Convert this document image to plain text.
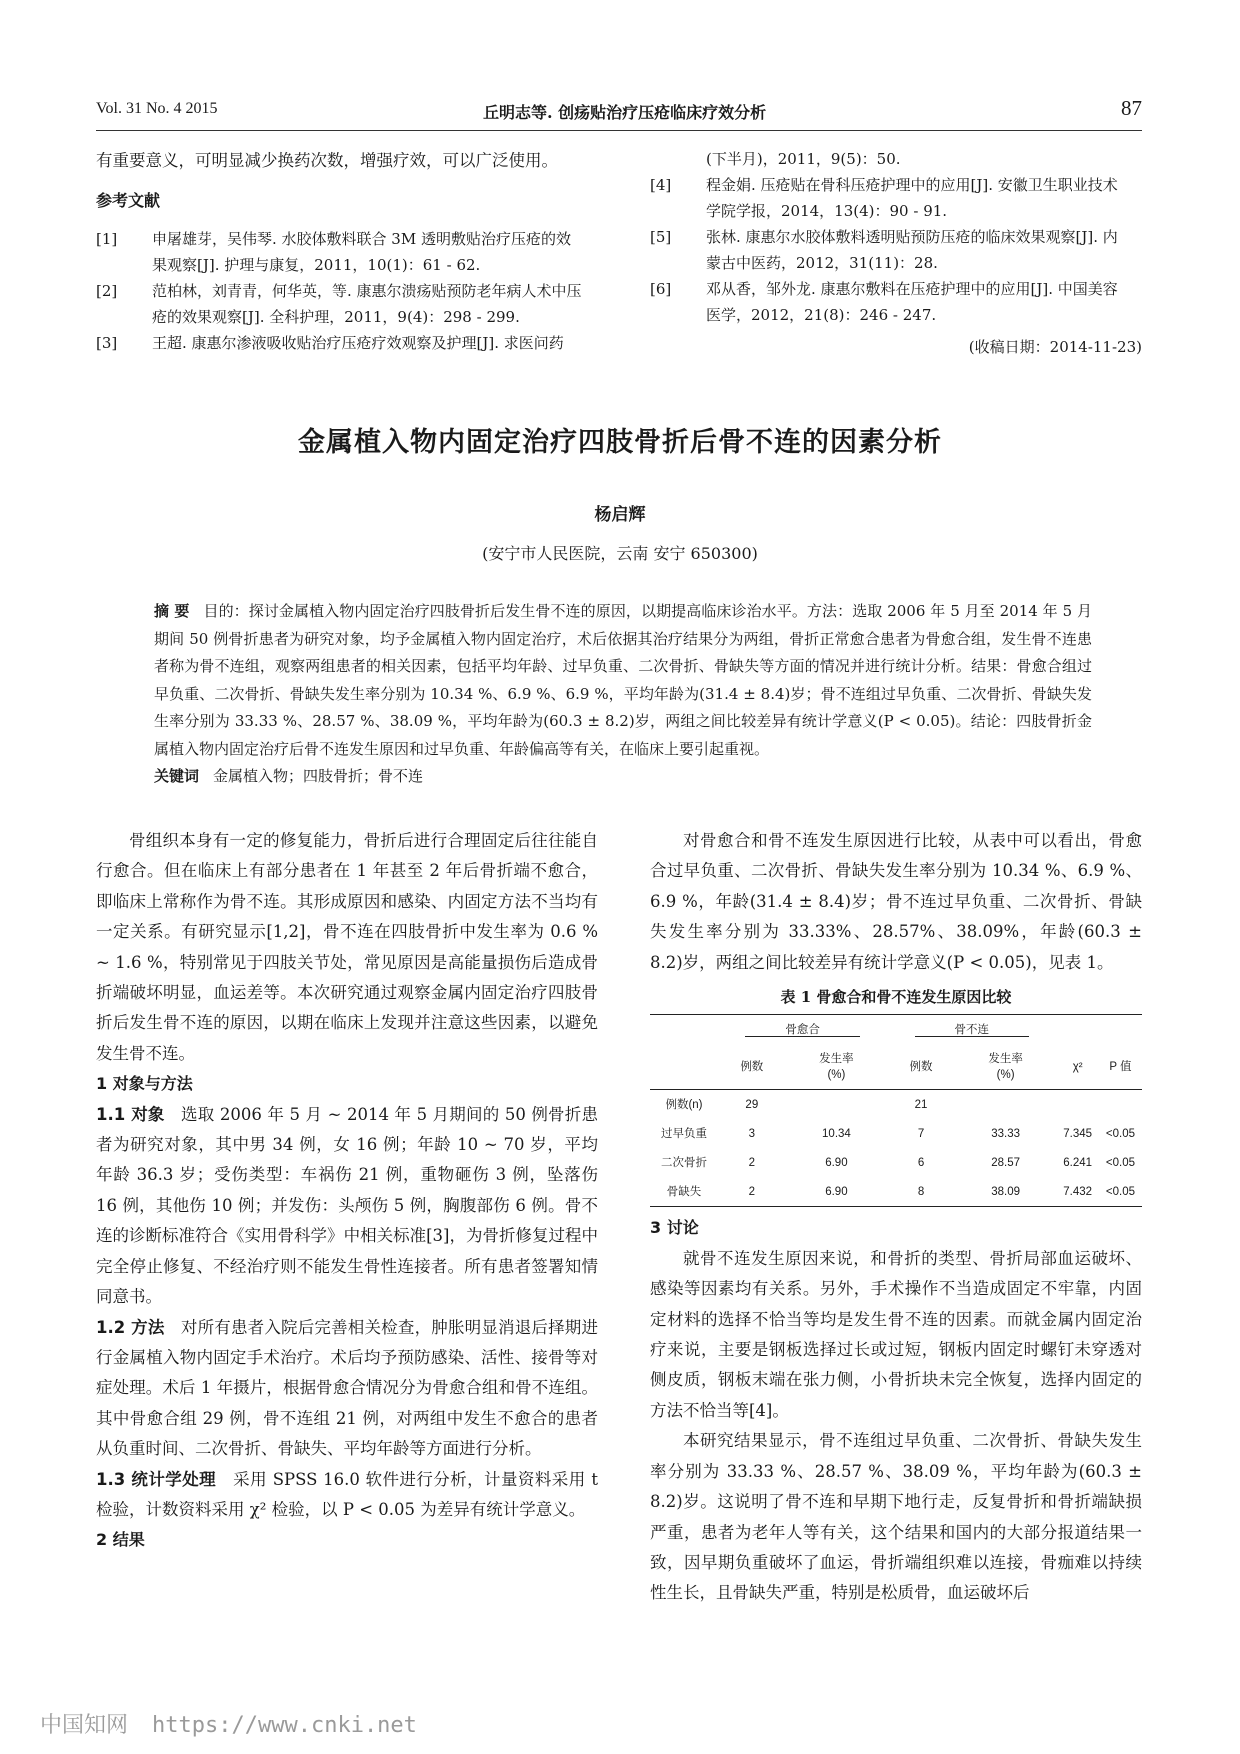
Vol. 31 No. 4 2015	丘明志等. 创疡贴治疗压疮临床疗效分析	87
有重要意义，可明显减少换药次数，增强疗效，可以广泛使用。
参考文献
[1] 申屠雄芽，吴伟琴. 水胶体敷料联合 3M 透明敷贴治疗压疮的效
果观察[J]. 护理与康复，2011，10(1)：61 - 62.
[2] 范柏林，刘青青，何华英，等. 康惠尔溃疡贴预防老年病人术中压
疮的效果观察[J]. 全科护理，2011，9(4)：298 - 299.
[3] 王超. 康惠尔渗液吸收贴治疗压疮疗效观察及护理[J]. 求医问药
(下半月)，2011，9(5)：50.
[4] 程金娟. 压疮贴在骨科压疮护理中的应用[J]. 安徽卫生职业技术
学院学报，2014，13(4)：90 - 91.
[5] 张林. 康惠尔水胶体敷料透明贴预防压疮的临床效果观察[J]. 内
蒙古中医药，2012，31(11)：28.
[6] 邓从香，邹外龙. 康惠尔敷料在压疮护理中的应用[J]. 中国美容
医学，2012，21(8)：246 - 247.
(收稿日期：2014-11-23)
金属植入物内固定治疗四肢骨折后骨不连的因素分析
杨启辉
(安宁市人民医院，云南 安宁 650300)
摘 要 目的：探讨金属植入物内固定治疗四肢骨折后发生骨不连的原因，以期提高临床诊治水平。方法：选取 2006 年 5 月至 2014 年 5 月期间 50 例骨折患者为研究对象，均予金属植入物内固定治疗，术后依据其治疗结果分为两组，骨折正常愈合患者为骨愈合组，发生骨不连患者称为骨不连组，观察两组患者的相关因素，包括平均年龄、过早负重、二次骨折、骨缺失等方面的情况并进行统计分析。结果：骨愈合组过早负重、二次骨折、骨缺失发生率分别为 10.34 %、6.9 %、6.9 %，平均年龄为(31.4 ± 8.4)岁；骨不连组过早负重、二次骨折、骨缺失发生率分别为 33.33 %、28.57 %、38.09 %，平均年龄为(60.3 ± 8.2)岁，两组之间比较差异有统计学意义(P < 0.05)。结论：四肢骨折金属植入物内固定治疗后骨不连发生原因和过早负重、年龄偏高等有关，在临床上要引起重视。
关键词 金属植入物；四肢骨折；骨不连

骨组织本身有一定的修复能力，骨折后进行合理固定后往往能自行愈合。但在临床上有部分患者在 1 年甚至 2 年后骨折端不愈合，即临床上常称作为骨不连。其形成原因和感染、内固定方法不当均有一定关系。有研究显示[1,2]，骨不连在四肢骨折中发生率为 0.6 % ~ 1.6 %，特别常见于四肢关节处，常见原因是高能量损伤后造成骨折端破坏明显，血运差等。本次研究通过观察金属内固定治疗四肢骨折后发生骨不连的原因，以期在临床上发现并注意这些因素，以避免发生骨不连。

1 对象与方法

1.1 对象 选取 2006 年 5 月 ~ 2014 年 5 月期间的 50 例骨折患者为研究对象，其中男 34 例，女 16 例；年龄 10 ~ 70 岁，平均年龄 36.3 岁；受伤类型：车祸伤 21 例，重物砸伤 3 例，坠落伤 16 例，其他伤 10 例；并发伤：头颅伤 5 例，胸腹部伤 6 例。骨不连的诊断标准符合《实用骨科学》中相关标准[3]，为骨折修复过程中完全停止修复、不经治疗则不能发生骨性连接者。所有患者签署知情同意书。

1.2 方法 对所有患者入院后完善相关检查，肿胀明显消退后择期进行金属植入物内固定手术治疗。术后均予预防感染、活性、接骨等对症处理。术后 1 年摄片，根据骨愈合情况分为骨愈合组和骨不连组。其中骨愈合组 29 例，骨不连组 21 例，对两组中发生不愈合的患者从负重时间、二次骨折、骨缺失、平均年龄等方面进行分析。

1.3 统计学处理 采用 SPSS 16.0 软件进行分析，计量资料采用 t 检验，计数资料采用 χ² 检验，以 P < 0.05 为差异有统计学意义。

2 结果

对骨愈合和骨不连发生原因进行比较，从表中可以看出，骨愈合过早负重、二次骨折、骨缺失发生率分别为 10.34 %、6.9 %、6.9 %，年龄(31.4 ± 8.4)岁；骨不连过早负重、二次骨折、骨缺失发生率分别为 33.33%、28.57%、38.09%，年龄(60.3 ± 8.2)岁，两组之间比较差异有统计学意义(P < 0.05)，见表 1。

表 1 骨愈合和骨不连发生原因比较
	骨愈合		骨不连			
	例数	发生率
(%)	例数	发生率
(%)	χ²	P 值
例数(n)	29		21			
过早负重	3	10.34	7	33.33	7.345	<0.05
二次骨折	2	6.90	6	28.57	6.241	<0.05
骨缺失	2	6.90	8	38.09	7.432	<0.05

3 讨论

就骨不连发生原因来说，和骨折的类型、骨折局部血运破坏、感染等因素均有关系。另外，手术操作不当造成固定不牢靠，内固定材料的选择不恰当等均是发生骨不连的因素。而就金属内固定治疗来说，主要是钢板选择过长或过短，钢板内固定时螺钉未穿透对侧皮质，钢板末端在张力侧，小骨折块未完全恢复，选择内固定的方法不恰当等[4]。

本研究结果显示，骨不连组过早负重、二次骨折、骨缺失发生率分别为 33.33 %、28.57 %、38.09 %，平均年龄为(60.3 ± 8.2)岁。这说明了骨不连和早期下地行走，反复骨折和骨折端缺损严重，患者为老年人等有关，这个结果和国内的大部分报道结果一致，因早期负重破坏了血运，骨折端组织难以连接，骨痂难以持续性生长，且骨缺失严重，特别是松质骨，血运破坏后

中国知网 https://www.cnki.net
